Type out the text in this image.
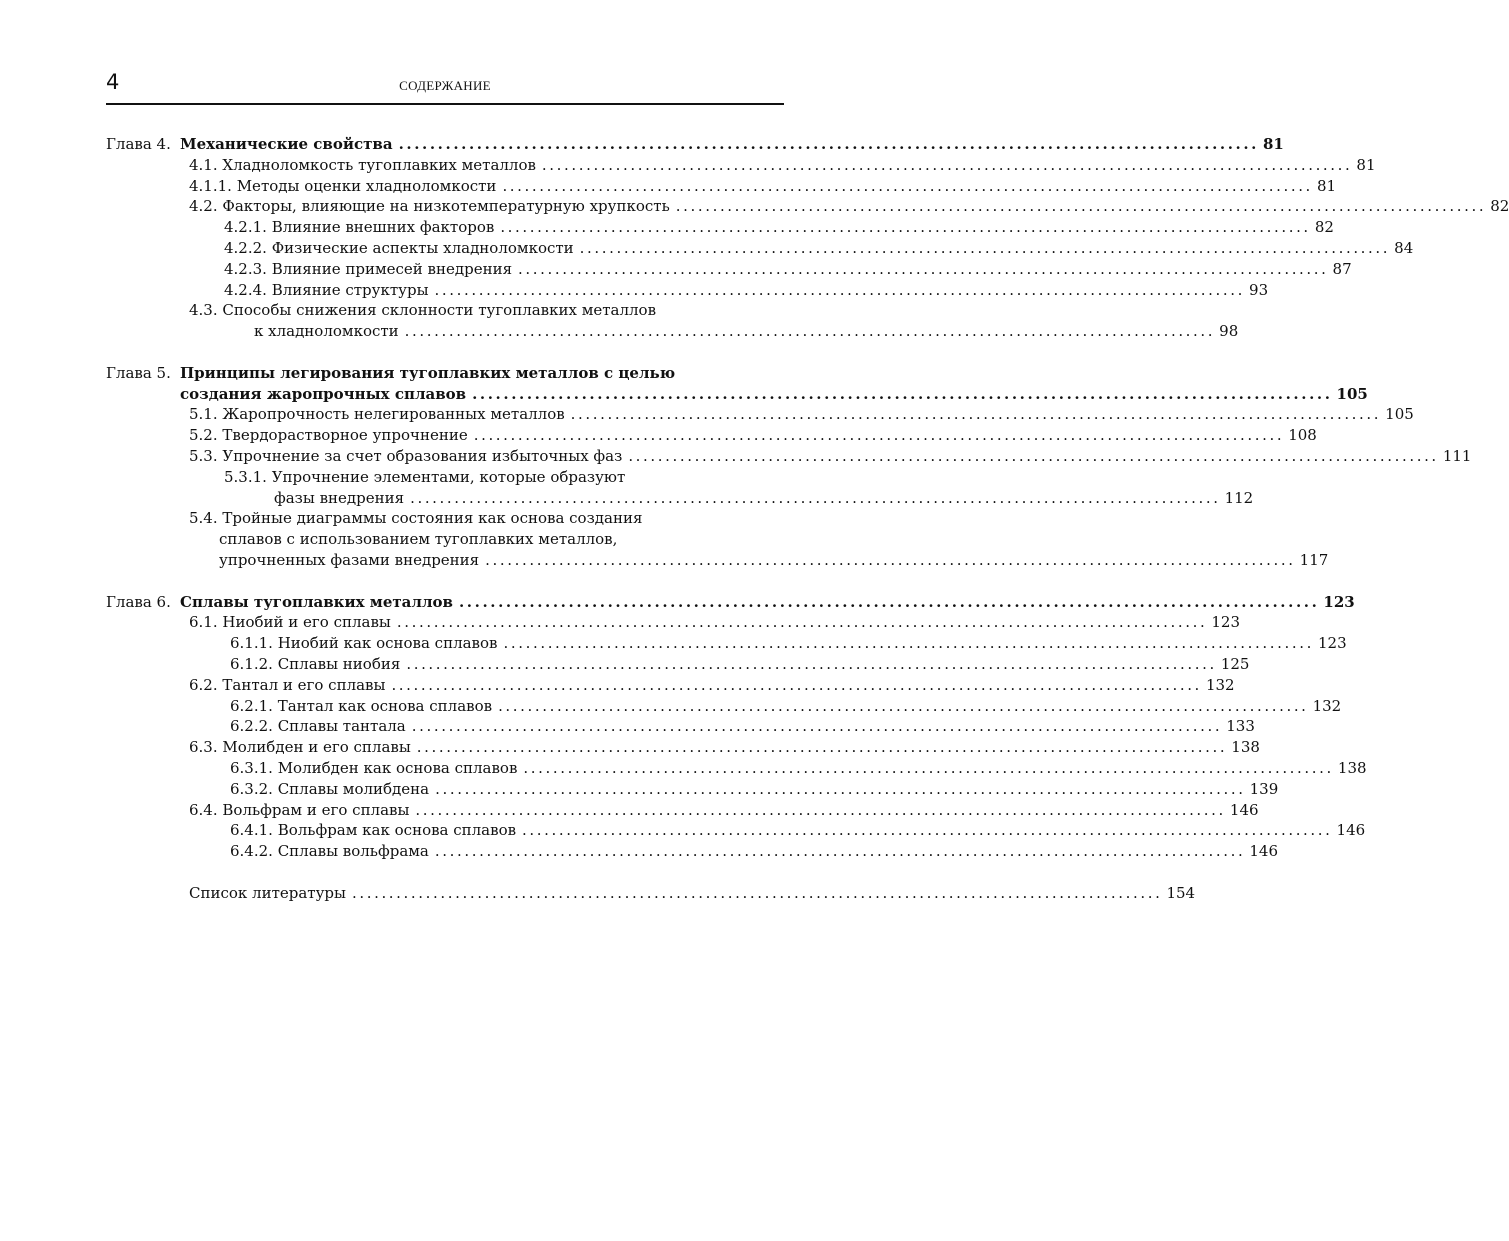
4	СОДЕРЖАНИЕ
Глава 4. Механические свойства .............................................................................................................. 81
4.1. Хладноломкость тугоплавких металлов .............................................................................................................. 81
4.1.1. Методы оценки хладноломкости .............................................................................................................. 81
4.2. Факторы, влияющие на низкотемпературную хрупкость .............................................................................................................. 82
4.2.1. Влияние внешних факторов .............................................................................................................. 82
4.2.2. Физические аспекты хладноломкости .............................................................................................................. 84
4.2.3. Влияние примесей внедрения .............................................................................................................. 87
4.2.4. Влияние структуры .............................................................................................................. 93
4.3. Способы снижения склонности тугоплавких металлов
к хладноломкости .............................................................................................................. 98
Глава 5. Принципы легирования тугоплавких металлов с целью
создания жаропрочных сплавов .............................................................................................................. 105
5.1. Жаропрочность нелегированных металлов .............................................................................................................. 105
5.2. Твердорастворное упрочнение .............................................................................................................. 108
5.3. Упрочнение за счет образования избыточных фаз .............................................................................................................. 111
5.3.1. Упрочнение элементами, которые образуют
фазы внедрения .............................................................................................................. 112
5.4. Тройные диаграммы состояния как основа создания
сплавов с использованием тугоплавких металлов,
упрочненных фазами внедрения .............................................................................................................. 117
Глава 6. Сплавы тугоплавких металлов .............................................................................................................. 123
6.1. Ниобий и его сплавы .............................................................................................................. 123
6.1.1. Ниобий как основа сплавов .............................................................................................................. 123
6.1.2. Сплавы ниобия .............................................................................................................. 125
6.2. Тантал и его сплавы .............................................................................................................. 132
6.2.1. Тантал как основа сплавов .............................................................................................................. 132
6.2.2. Сплавы тантала .............................................................................................................. 133
6.3. Молибден и его сплавы .............................................................................................................. 138
6.3.1. Молибден как основа сплавов .............................................................................................................. 138
6.3.2. Сплавы молибдена .............................................................................................................. 139
6.4. Вольфрам и его сплавы .............................................................................................................. 146
6.4.1. Вольфрам как основа сплавов .............................................................................................................. 146
6.4.2. Сплавы вольфрама .............................................................................................................. 146
Список литературы .............................................................................................................. 154
